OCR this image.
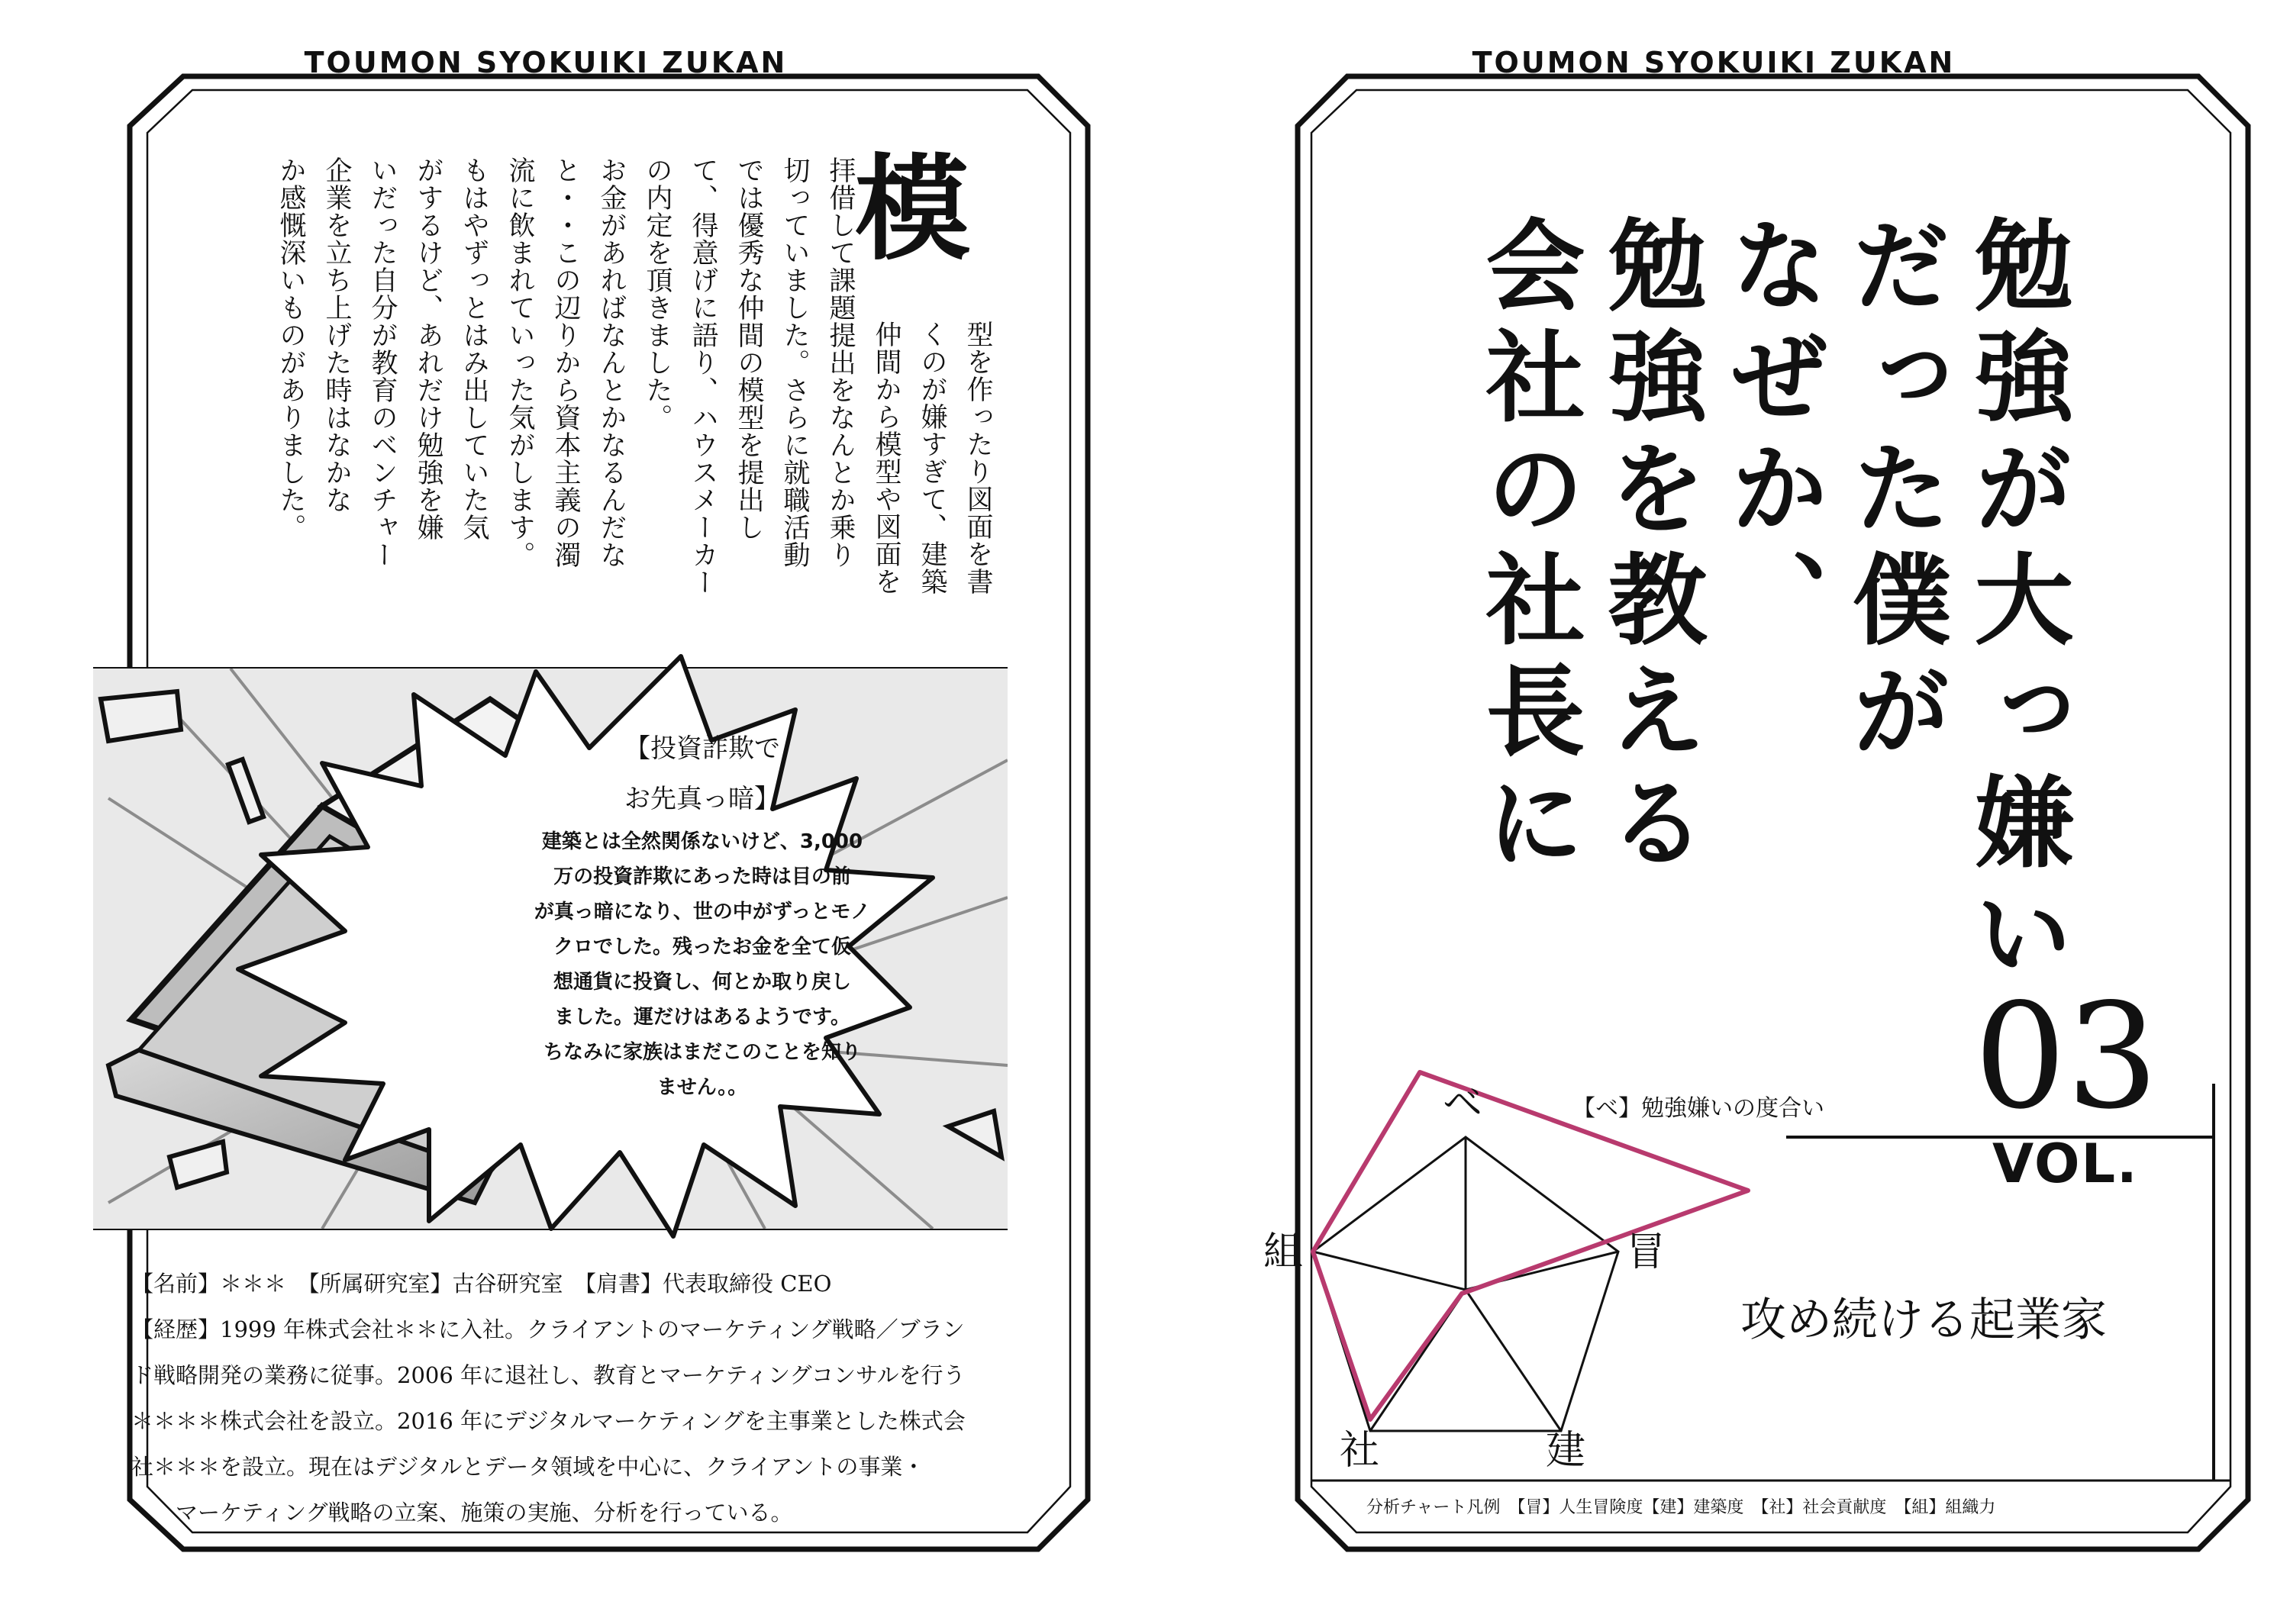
TOUMON SYOKUIKI ZUKAN
【投資詐欺で
お先真っ暗】
建築とは全然関係ないけど、3,000
万の投資詐欺にあった時は目の前
が真っ暗になり、世の中がずっとモノ
クロでした。残ったお金を全て仮
想通貨に投資し、何とか取り戻し
ました。運だけはあるようです。
ちなみに家族はまだこのことを知り
ません。。
模
型を作ったり図面を書
くのが嫌すぎて、建築
仲間から模型や図面を
拝借して課題提出をなんとか乗り
切っていました。さらに就職活動
では優秀な仲間の模型を提出し
て、得意げに語り、ハウスメーカー
の内定を頂きました。
お金があればなんとかなるんだな
と・・この辺りから資本主義の濁
流に飲まれていった気がします。
もはやずっとはみ出していた気
がするけど、あれだけ勉強を嫌
いだった自分が教育のベンチャー
企業を立ち上げた時はなかな
か感慨深いものがありました。
【名前】＊＊＊　【所属研究室】古谷研究室　【肩書】代表取締役 CEO
【経歴】1999 年株式会社＊＊に入社。クライアントのマーケティング戦略／ブラン
ド戦略開発の業務に従事。2006 年に退社し、教育とマーケティングコンサルを行う
＊＊＊＊株式会社を設立。2016 年にデジタルマーケティングを主事業とした株式会
社＊＊＊を設立。現在はデジタルとデータ領域を中心に、クライアントの事業・
　　マーケティング戦略の立案、施策の実施、分析を行っている。
TOUMON SYOKUIKI ZUKAN
勉強が大っ嫌い
だった僕が
なぜか、
勉強を教える
会社の社長に
03
VOL.
【ベ】勉強嫌いの度合い
攻め続ける起業家
ベ
冒
建
社
組
分析チャート凡例　【冒】人生冒険度【建】建築度　【社】社会貢献度　【組】組織力
